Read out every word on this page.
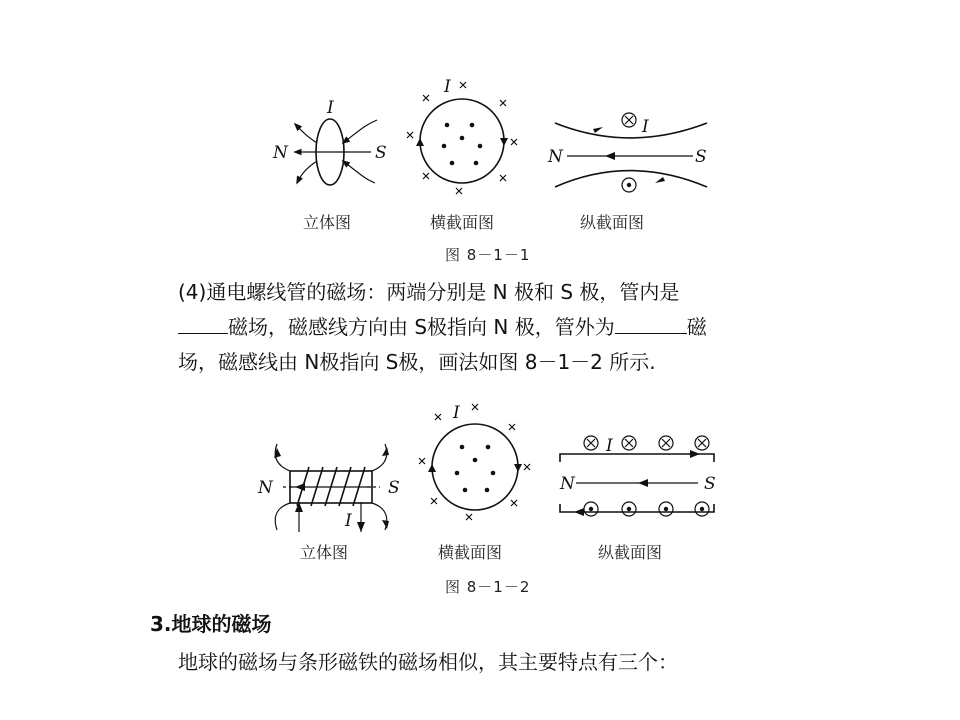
I
N	S
I
I
N	S
立体图	横截面图	纵截面图
图 8－1－1
(4)通电螺线管的磁场：两端分别是 N 极和 S 极，管内是
磁场，磁感线方向由 S极指向 N 极，管外为	磁
场，磁感线由 N极指向 S极，画法如图 8－1－2 所示.
N	S
I
I
I
N	S
立体图	横截面图	纵截面图
图 8－1－2
3.地球的磁场
地球的磁场与条形磁铁的磁场相似，其主要特点有三个：
